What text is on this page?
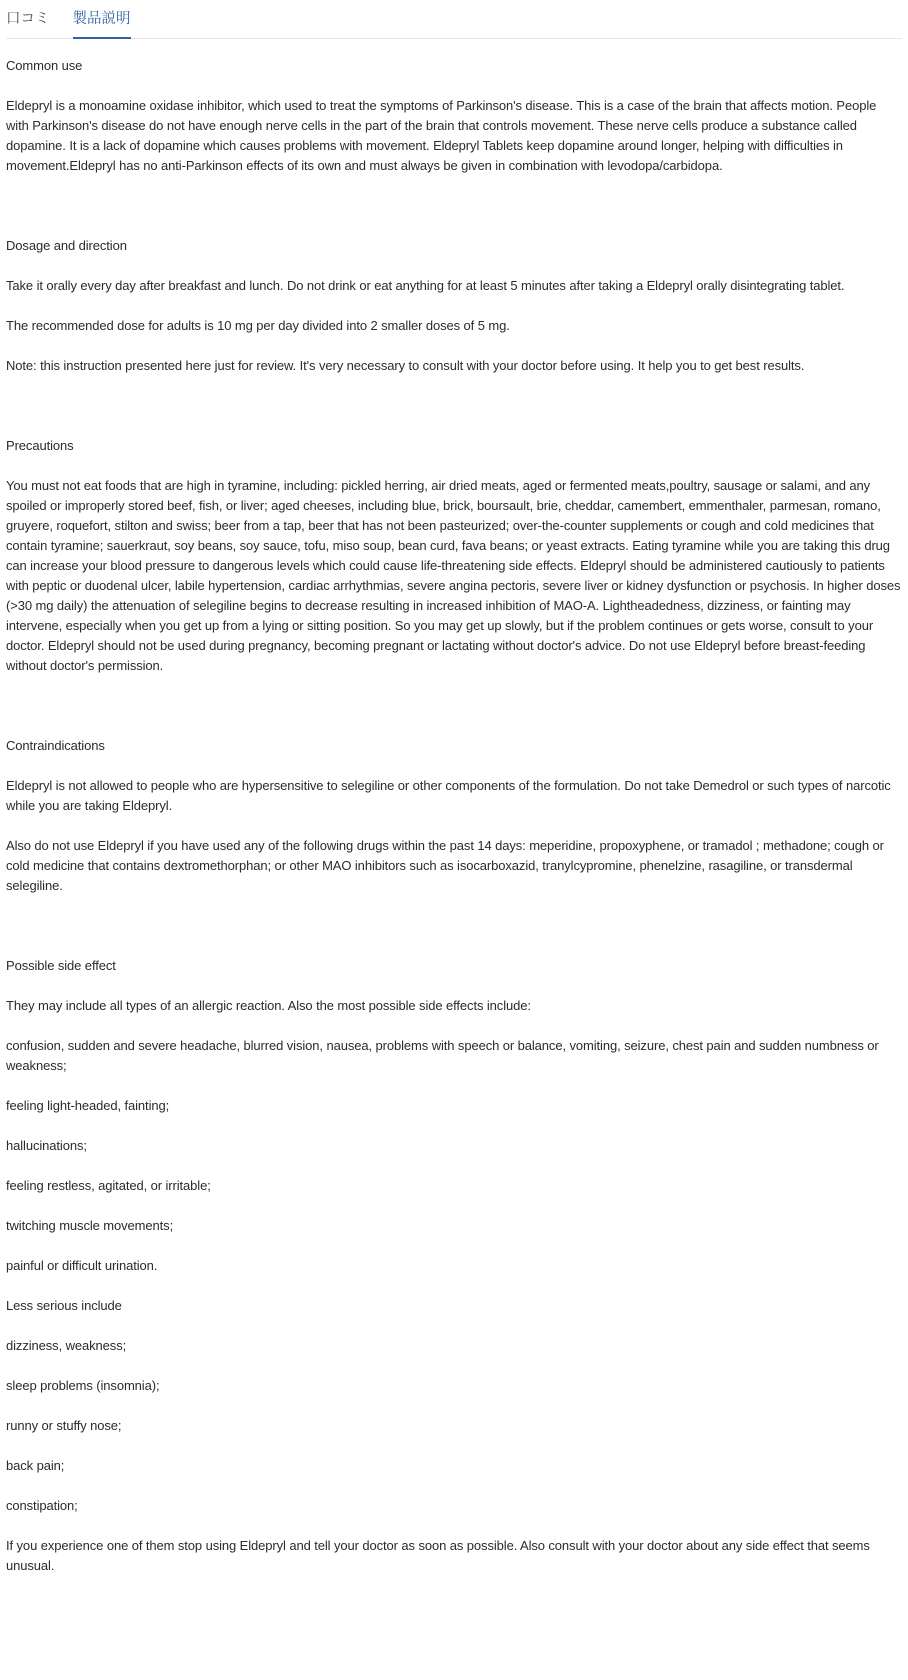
口コミ 製品説明
Common use

Eldepryl is a monoamine oxidase inhibitor, which used to treat the symptoms of Parkinson's disease. This is a case of the brain that affects motion. People with Parkinson's disease do not have enough nerve cells in the part of the brain that controls movement. These nerve cells produce a substance called dopamine. It is a lack of dopamine which causes problems with movement. Eldepryl Tablets keep dopamine around longer, helping with difficulties in movement.Eldepryl has no anti-Parkinson effects of its own and must always be given in combination with levodopa/carbidopa.

Dosage and direction

Take it orally every day after breakfast and lunch. Do not drink or eat anything for at least 5 minutes after taking a Eldepryl orally disintegrating tablet.

The recommended dose for adults is 10 mg per day divided into 2 smaller doses of 5 mg.

Note: this instruction presented here just for review. It's very necessary to consult with your doctor before using. It help you to get best results.

Precautions

You must not eat foods that are high in tyramine, including: pickled herring, air dried meats, aged or fermented meats,poultry, sausage or salami, and any spoiled or improperly stored beef, fish, or liver; aged cheeses, including blue, brick, boursault, brie, cheddar, camembert, emmenthaler, parmesan, romano, gruyere, roquefort, stilton and swiss; beer from a tap, beer that has not been pasteurized; over-the-counter supplements or cough and cold medicines that contain tyramine; sauerkraut, soy beans, soy sauce, tofu, miso soup, bean curd, fava beans; or yeast extracts. Eating tyramine while you are taking this drug can increase your blood pressure to dangerous levels which could cause life-threatening side effects. Eldepryl should be administered cautiously to patients with peptic or duodenal ulcer, labile hypertension, cardiac arrhythmias, severe angina pectoris, severe liver or kidney dysfunction or psychosis. In higher doses (>30 mg daily) the attenuation of selegiline begins to decrease resulting in increased inhibition of MAO-A. Lightheadedness, dizziness, or fainting may intervene, especially when you get up from a lying or sitting position. So you may get up slowly, but if the problem continues or gets worse, consult to your doctor. Eldepryl should not be used during pregnancy, becoming pregnant or lactating without doctor's advice. Do not use Eldepryl before breast-feeding without doctor's permission.

Contraindications

Eldepryl is not allowed to people who are hypersensitive to selegiline or other components of the formulation. Do not take Demedrol or such types of narcotic while you are taking Eldepryl.

Also do not use Eldepryl if you have used any of the following drugs within the past 14 days: meperidine, propoxyphene, or tramadol ; methadone; cough or cold medicine that contains dextromethorphan; or other MAO inhibitors such as isocarboxazid, tranylcypromine, phenelzine, rasagiline, or transdermal selegiline.

Possible side effect

They may include all types of an allergic reaction. Also the most possible side effects include:

confusion, sudden and severe headache, blurred vision, nausea, problems with speech or balance, vomiting, seizure, chest pain and sudden numbness or weakness;

feeling light-headed, fainting;

hallucinations;

feeling restless, agitated, or irritable;

twitching muscle movements;

painful or difficult urination.

Less serious include

dizziness, weakness;

sleep problems (insomnia);

runny or stuffy nose;

back pain;

constipation;

If you experience one of them stop using Eldepryl and tell your doctor as soon as possible. Also consult with your doctor about any side effect that seems unusual.
